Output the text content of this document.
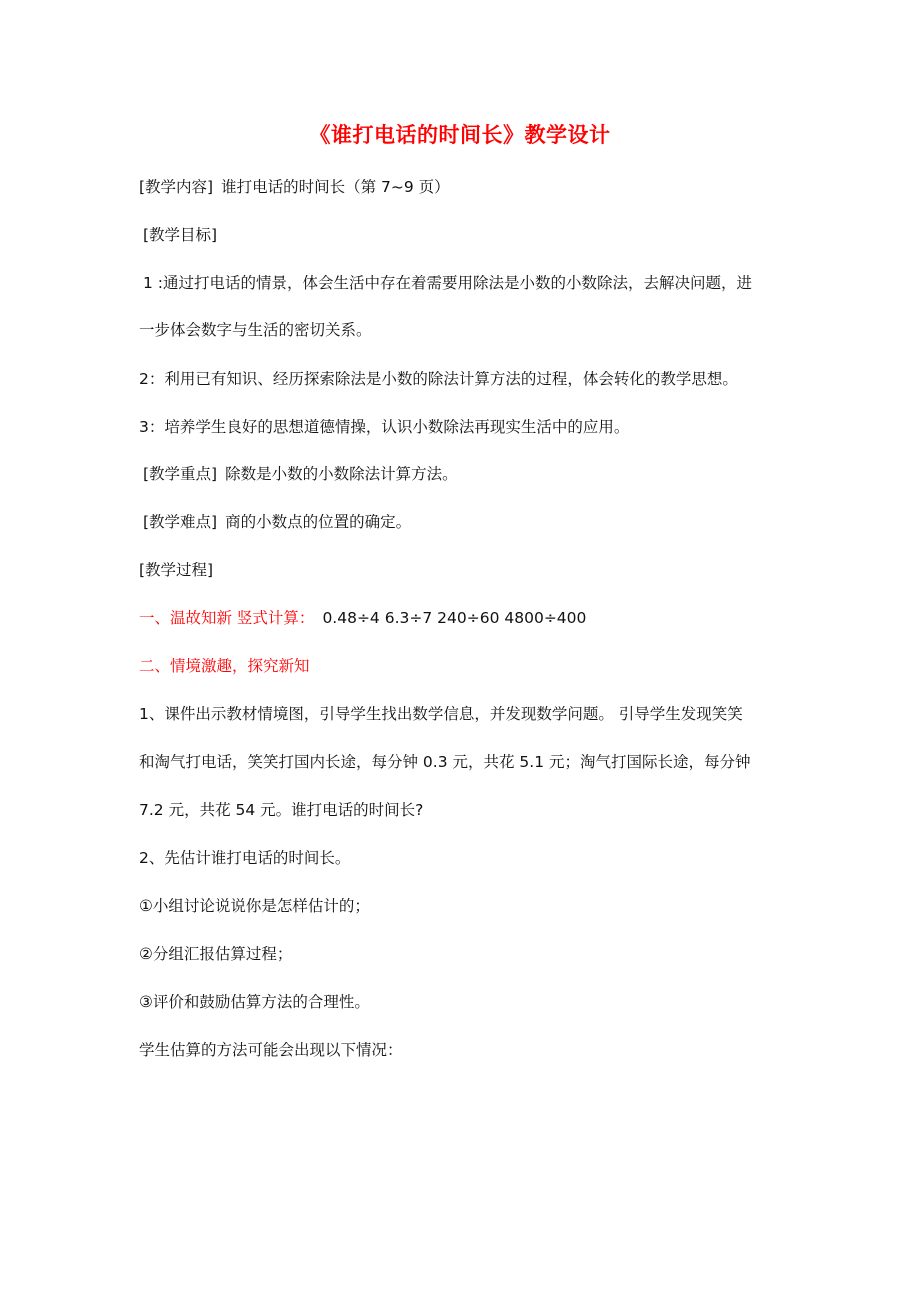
《谁打电话的时间长》教学设计
[教学内容] 谁打电话的时间长（第 7~9 页）
[教学目标]
1 :通过打电话的情景，体会生活中存在着需要用除法是小数的小数除法，去解决问题，进
一步体会数字与生活的密切关系。
2：利用已有知识、经历探索除法是小数的除法计算方法的过程，体会转化的教学思想。
3：培养学生良好的思想道德情操，认识小数除法再现实生活中的应用。
[教学重点] 除数是小数的小数除法计算方法。
[教学难点] 商的小数点的位置的确定。
[教学过程]
一、温故知新 竖式计算： 0.48÷4 6.3÷7 240÷60 4800÷400
二、情境激趣，探究新知
1、课件出示教材情境图，引导学生找出数学信息，并发现数学问题。 引导学生发现笑笑
和淘气打电话，笑笑打国内长途，每分钟 0.3 元，共花 5.1 元；淘气打国际长途，每分钟
7.2 元，共花 54 元。谁打电话的时间长?
2、先估计谁打电话的时间长。
①小组讨论说说你是怎样估计的；
②分组汇报估算过程；
③评价和鼓励估算方法的合理性。
学生估算的方法可能会出现以下情况：
